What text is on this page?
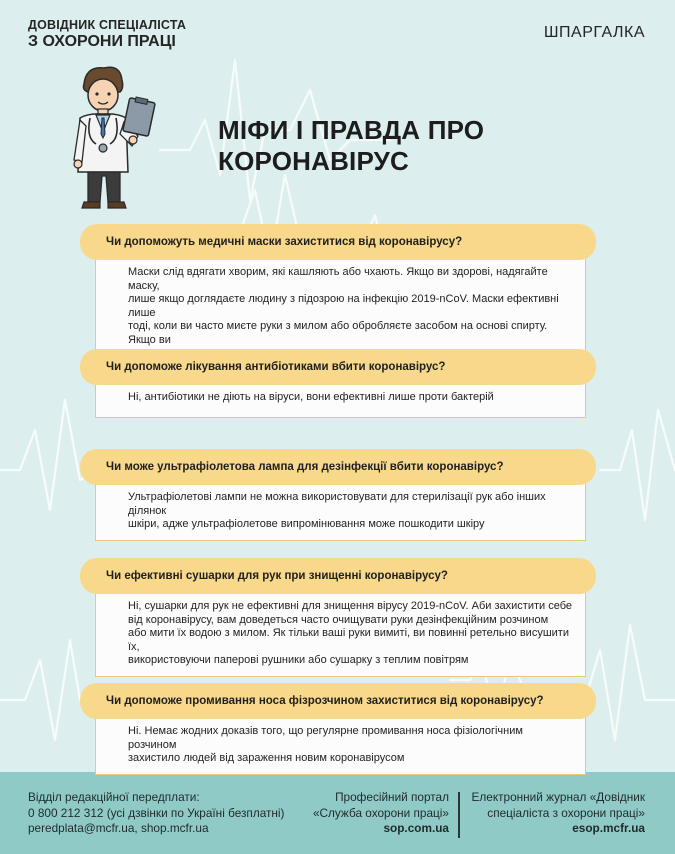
ДОВІДНИК СПЕЦІАЛІСТА
З ОХОРОНИ ПРАЦІ
ШПАРГАЛКА
МІФИ І ПРАВДА ПРО КОРОНАВІРУС
Чи допоможуть медичні маски захиститися від коронавірусу?
Маски слід вдягати хворим, які кашляють або чхають. Якщо ви здорові, надягайте маску,
лише якщо доглядаєте людину з підозрою на інфекцію 2019-nCoV. Маски ефективні лише
тоді, коли ви часто миєте руки з милом або обробляєте засобом на основі спирту. Якщо ви
Чи допоможе лікування антибіотиками вбити коронавірус?
Ні, антибіотики не діють на віруси, вони ефективні лише проти бактерій
Чи може ультрафіолетова лампа для дезінфекції вбити коронавірус?
Ультрафіолетові лампи не можна використовувати для стерилізації рук або інших ділянок
шкіри, адже ультрафіолетове випромінювання може пошкодити шкіру
Чи ефективні сушарки для рук при знищенні коронавірусу?
Ні, сушарки для рук не ефективні для знищення вірусу 2019-nCoV. Аби захистити себе
від коронавірусу, вам доведеться часто очищувати руки дезінфекційним розчином
або мити їх водою з милом. Як тільки ваші руки вимиті, ви повинні ретельно висушити їх,
використовуючи паперові рушники або сушарку з теплим повітрям
Чи допоможе промивання носа фізрозчином захиститися від коронавірусу?
Ні. Немає жодних доказів того, що регулярне промивання носа фізіологічним розчином
захистило людей від зараження новим коронавірусом
Відділ редакційної передплати:
0 800 212 312 (усі дзвінки по Україні безплатні)
peredplata@mcfr.ua, shop.mcfr.ua
Професійний портал
«Служба охорони праці»
sop.com.ua
Електронний журнал «Довідник
спеціаліста з охорони праці»
esop.mcfr.ua
